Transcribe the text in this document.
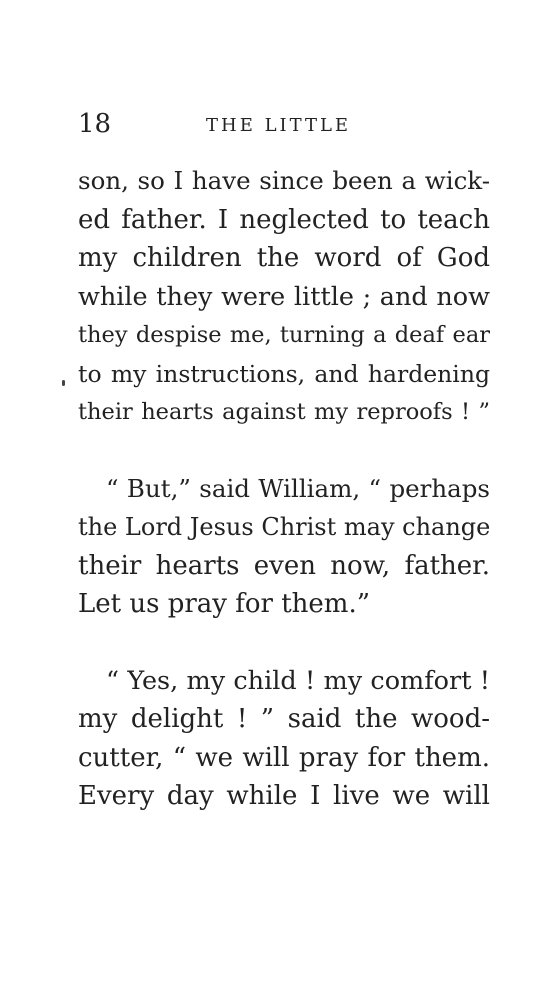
18	THE LITTLE
son, so I have since been a wick-
ed father. I neglected to teach
my children the word of God
while they were little ; and now
they despise me, turning a deaf ear
to my instructions, and hardening
their hearts against my reproofs ! ”
“ But,” said William, “ perhaps
the Lord Jesus Christ may change
their hearts even now, father.
Let us pray for them.”
“ Yes, my child ! my comfort !
my delight ! ” said the wood-
cutter, “ we will pray for them.
Every day while I live we will
